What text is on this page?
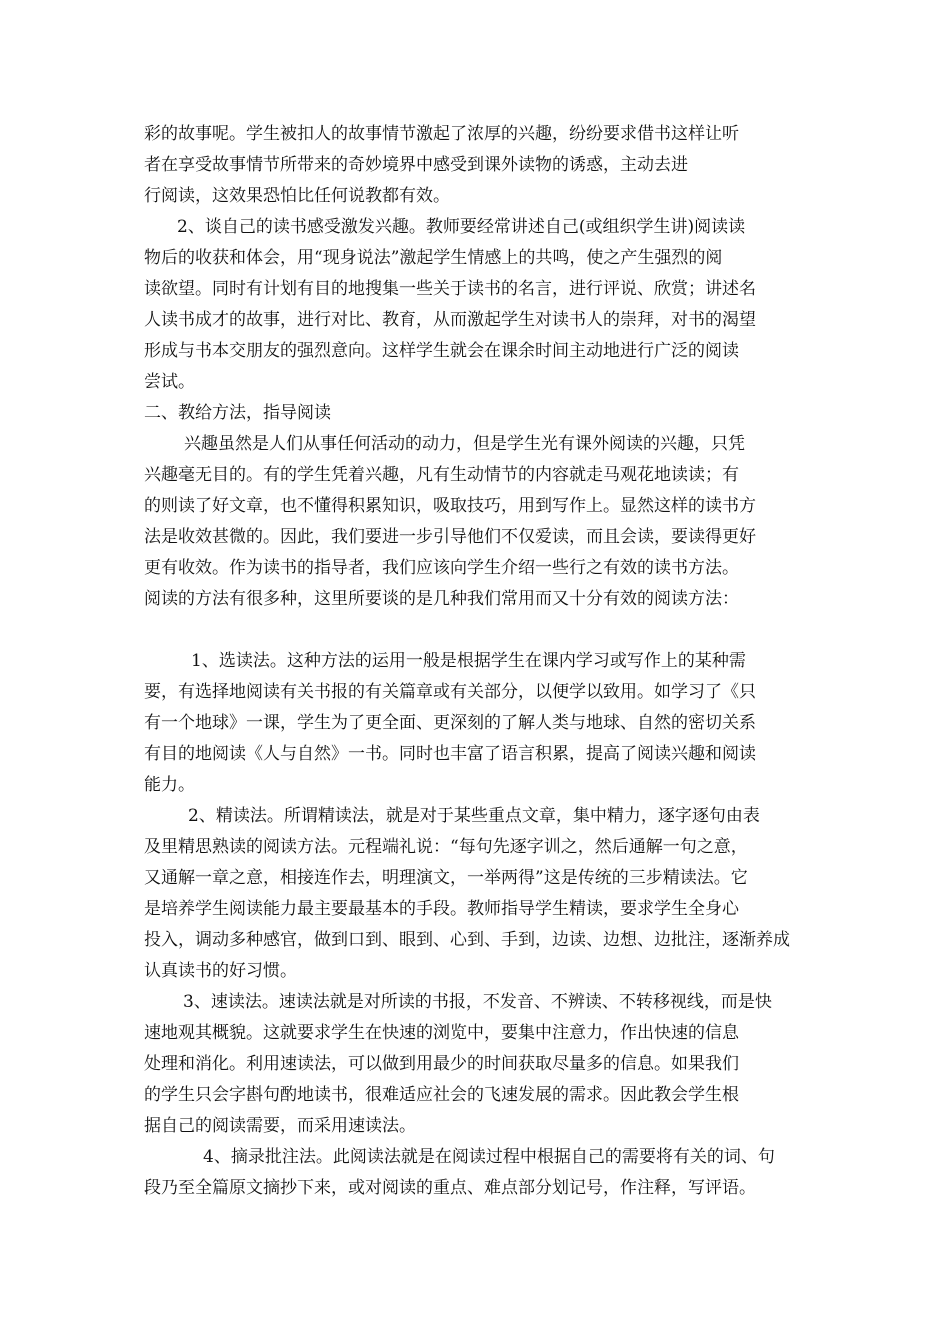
彩的故事呢。学生被扣人的故事情节激起了浓厚的兴趣，纷纷要求借书这样让听
者在享受故事情节所带来的奇妙境界中感受到课外读物的诱惑，主动去进
行阅读，这效果恐怕比任何说教都有效。
2、谈自己的读书感受激发兴趣。教师要经常讲述自己(或组织学生讲)阅读读
物后的收获和体会，用“现身说法”激起学生情感上的共鸣，使之产生强烈的阅
读欲望。同时有计划有目的地搜集一些关于读书的名言，进行评说、欣赏；讲述名
人读书成才的故事，进行对比、教育，从而激起学生对读书人的崇拜，对书的渴望
形成与书本交朋友的强烈意向。这样学生就会在课余时间主动地进行广泛的阅读
尝试。
二、教给方法，指导阅读
兴趣虽然是人们从事任何活动的动力，但是学生光有课外阅读的兴趣，只凭
兴趣毫无目的。有的学生凭着兴趣，凡有生动情节的内容就走马观花地读读；有
的则读了好文章，也不懂得积累知识，吸取技巧，用到写作上。显然这样的读书方
法是收效甚微的。因此，我们要进一步引导他们不仅爱读，而且会读，要读得更好
更有收效。作为读书的指导者，我们应该向学生介绍一些行之有效的读书方法。
阅读的方法有很多种，这里所要谈的是几种我们常用而又十分有效的阅读方法：
1、选读法。这种方法的运用一般是根据学生在课内学习或写作上的某种需
要，有选择地阅读有关书报的有关篇章或有关部分，以便学以致用。如学习了《只
有一个地球》一课，学生为了更全面、更深刻的了解人类与地球、自然的密切关系
有目的地阅读《人与自然》一书。同时也丰富了语言积累，提高了阅读兴趣和阅读
能力。
2、精读法。所谓精读法，就是对于某些重点文章，集中精力，逐字逐句由表
及里精思熟读的阅读方法。元程端礼说：“每句先逐字训之，然后通解一句之意，
又通解一章之意，相接连作去，明理演文，一举两得”这是传统的三步精读法。它
是培养学生阅读能力最主要最基本的手段。教师指导学生精读，要求学生全身心
投入，调动多种感官，做到口到、眼到、心到、手到，边读、边想、边批注，逐渐养成
认真读书的好习惯。
3、速读法。速读法就是对所读的书报，不发音、不辨读、不转移视线，而是快
速地观其概貌。这就要求学生在快速的浏览中，要集中注意力，作出快速的信息
处理和消化。利用速读法，可以做到用最少的时间获取尽量多的信息。如果我们
的学生只会字斟句酌地读书，很难适应社会的飞速发展的需求。因此教会学生根
据自己的阅读需要，而采用速读法。
4、摘录批注法。此阅读法就是在阅读过程中根据自己的需要将有关的词、句
段乃至全篇原文摘抄下来，或对阅读的重点、难点部分划记号，作注释，写评语。
